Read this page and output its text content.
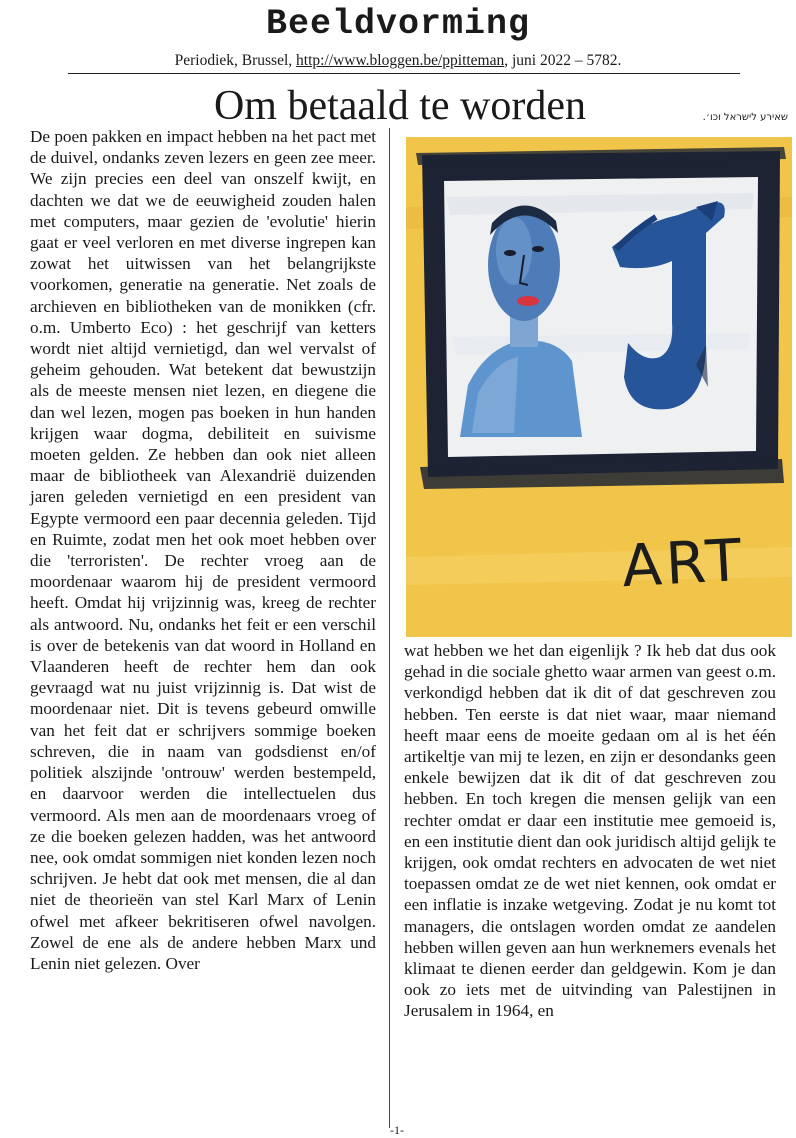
Beeldvorming
Periodiek, Brussel, http://www.bloggen.be/ppitteman, juni 2022 – 5782.
Om betaald te worden	שאירע לישראל וכו׳.
De poen pakken en impact hebben na het pact met de duivel, ondanks zeven lezers en geen zee meer. We zijn precies een deel van onszelf kwijt, en dachten we dat we de eeuwigheid zouden halen met computers, maar gezien de 'evolutie' hierin gaat er veel verloren en met diverse ingrepen kan zowat het uitwissen van het belangrijkste voorkomen, generatie na generatie. Net zoals de archieven en bibliotheken van de monikken (cfr. o.m. Umberto Eco) : het geschrijf van ketters wordt niet altijd vernietigd, dan wel vervalst of geheim gehouden. Wat betekent dat bewustzijn als de meeste mensen niet lezen, en diegene die dan wel lezen, mogen pas boeken in hun handen krijgen waar dogma, debiliteit en suivisme moeten gelden. Ze hebben dan ook niet alleen maar de bibliotheek van Alexandrië duizenden jaren geleden vernietigd en een president van Egypte vermoord een paar decennia geleden. Tijd en Ruimte, zodat men het ook moet hebben over die 'terroristen'. De rechter vroeg aan de moordenaar waarom hij de president vermoord heeft. Omdat hij vrijzinnig was, kreeg de rechter als antwoord. Nu, ondanks het feit er een verschil is over de betekenis van dat woord in Holland en Vlaanderen heeft de rechter hem dan ook gevraagd wat nu juist vrijzinnig is. Dat wist de moordenaar niet. Dit is tevens gebeurd omwille van het feit dat er schrijvers sommige boeken schreven, die in naam van godsdienst en/of politiek alszijnde 'ontrouw' werden bestempeld, en daarvoor werden die intellectuelen dus vermoord. Als men aan de moordenaars vroeg of ze die boeken gelezen hadden, was het antwoord nee, ook omdat sommigen niet konden lezen noch schrijven. Je hebt dat ook met mensen, die al dan niet de theorieën van stel Karl Marx of Lenin ofwel met afkeer bekritiseren ofwel navolgen. Zowel de ene als de andere hebben Marx und Lenin niet gelezen. Over
ART
wat hebben we het dan eigenlijk ? Ik heb dat dus ook gehad in die sociale ghetto waar armen van geest o.m. verkondigd hebben dat ik dit of dat geschreven zou hebben. Ten eerste is dat niet waar, maar niemand heeft maar eens de moeite gedaan om al is het één artikeltje van mij te lezen, en zijn er desondanks geen enkele bewijzen dat ik dit of dat geschreven zou hebben. En toch kregen die mensen gelijk van een rechter omdat er daar een institutie mee gemoeid is, en een institutie dient dan ook juridisch altijd gelijk te krijgen, ook omdat rechters en advocaten de wet niet toepassen omdat ze de wet niet kennen, ook omdat er een inflatie is inzake wetgeving. Zodat je nu komt tot managers, die ontslagen worden omdat ze aandelen hebben willen geven aan hun werknemers evenals het klimaat te dienen eerder dan geldgewin. Kom je dan ook zo iets met de uitvinding van Palestijnen in Jerusalem in 1964, en
-1-
